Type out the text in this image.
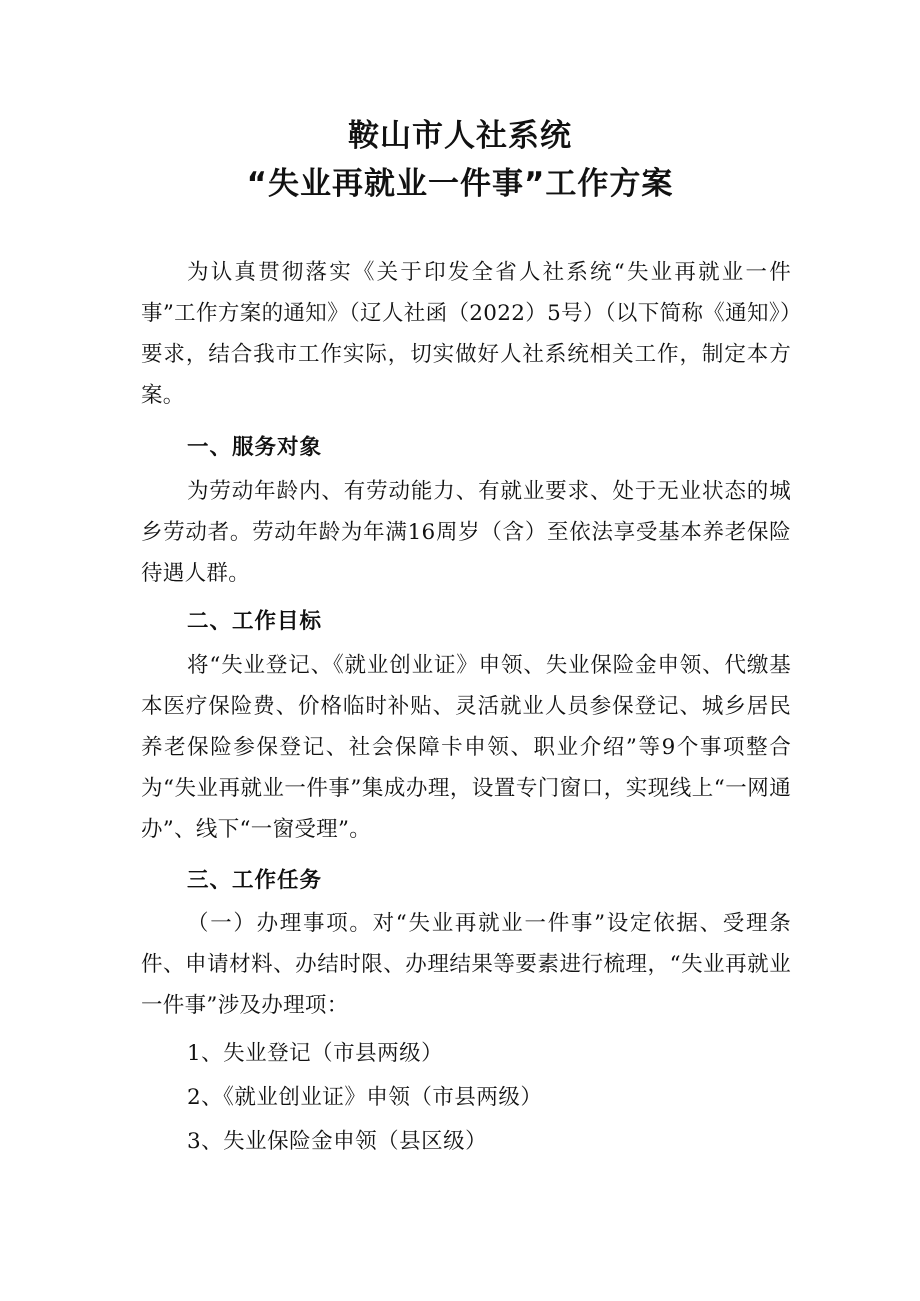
鞍山市人社系统
“失业再就业一件事”工作方案
为认真贯彻落实《关于印发全省人社系统“失业再就业一件事”工作方案的通知》（辽人社函（2022）5号）（以下简称《通知》）要求，结合我市工作实际，切实做好人社系统相关工作，制定本方案。
一、服务对象
为劳动年龄内、有劳动能力、有就业要求、处于无业状态的城乡劳动者。劳动年龄为年满16周岁（含）至依法享受基本养老保险待遇人群。
二、工作目标
将“失业登记、《就业创业证》申领、失业保险金申领、代缴基本医疗保险费、价格临时补贴、灵活就业人员参保登记、城乡居民养老保险参保登记、社会保障卡申领、职业介绍”等9个事项整合为“失业再就业一件事”集成办理，设置专门窗口，实现线上“一网通办”、线下“一窗受理”。
三、工作任务
（一）办理事项。对“失业再就业一件事”设定依据、受理条件、申请材料、办结时限、办理结果等要素进行梳理，“失业再就业一件事”涉及办理项：
1、失业登记（市县两级）
2、《就业创业证》申领（市县两级）
3、失业保险金申领（县区级）
